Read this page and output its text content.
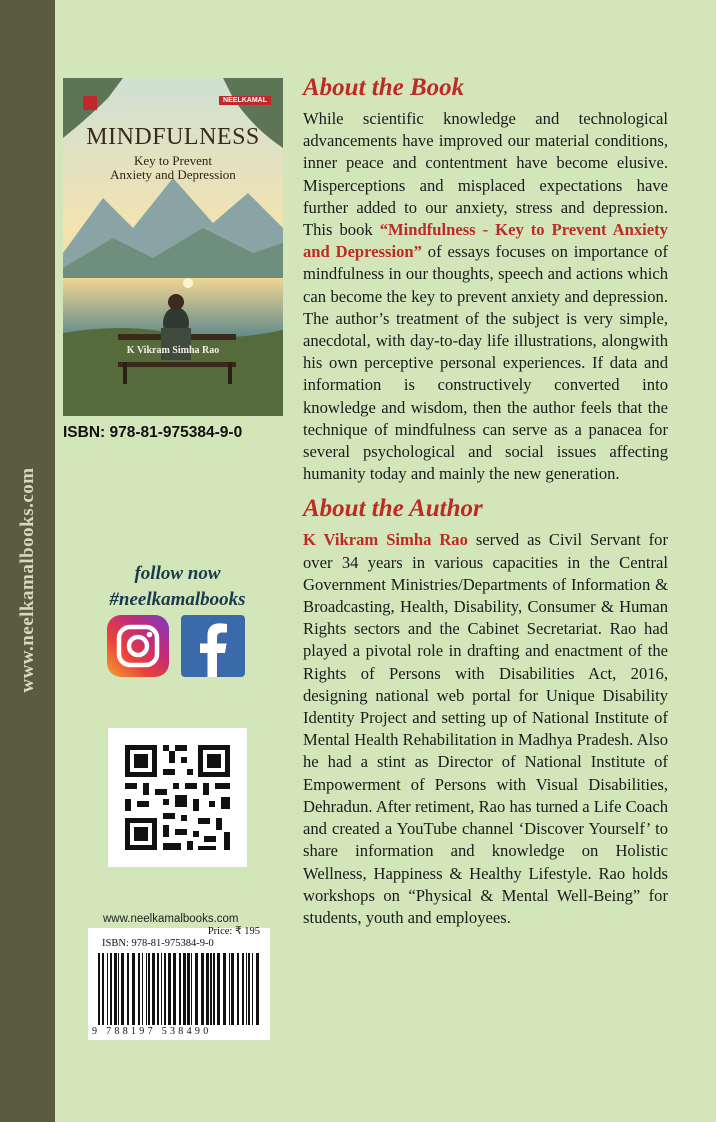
www.neelkamalbooks.com
NEELKAMAL
MINDFULNESS
Key to Prevent
Anxiety and Depression
K Vikram Simha Rao
ISBN: 978-81-975384-9-0
follow now
#neelkamalbooks
www.neelkamalbooks.com
Price: ₹ 195
ISBN: 978-81-975384-9-0
9 788197 538490
About the Book

While scientific knowledge and technological advancements have improved our material conditions, inner peace and contentment have become elusive. Misperceptions and misplaced expectations have further added to our anxiety, stress and depression. This book “Mindfulness - Key to Prevent Anxiety and Depression” of essays focuses on importance of mindfulness in our thoughts, speech and actions which can become the key to prevent anxiety and depression. The author’s treatment of the subject is very simple, anecdotal, with day-to-day life illustrations, alongwith his own perceptive personal experiences. If data and information is constructively converted into knowledge and wisdom, then the author feels that the technique of mindfulness can serve as a panacea for several psychological and social issues affecting humanity today and mainly the new generation.

About the Author

K Vikram Simha Rao served as Civil Servant for over 34 years in various capacities in the Central Government Ministries/Departments of Information & Broadcasting, Health, Disability, Consumer & Human Rights sectors and the Cabinet Secretariat. Rao had played a pivotal role in drafting and enactment of the Rights of Persons with Disabilities Act, 2016, designing national web portal for Unique Disability Identity Project and setting up of National Institute of Mental Health Rehabilitation in Madhya Pradesh. Also he had a stint as Director of National Institute of Empowerment of Persons with Visual Disabilities, Dehradun. After retiment, Rao has turned a Life Coach and created a YouTube channel ‘Discover Yourself’ to share information and knowledge on Holistic Wellness, Happiness & Healthy Lifestyle. Rao holds workshops on “Physical & Mental Well-Being” for students, youth and employees.
